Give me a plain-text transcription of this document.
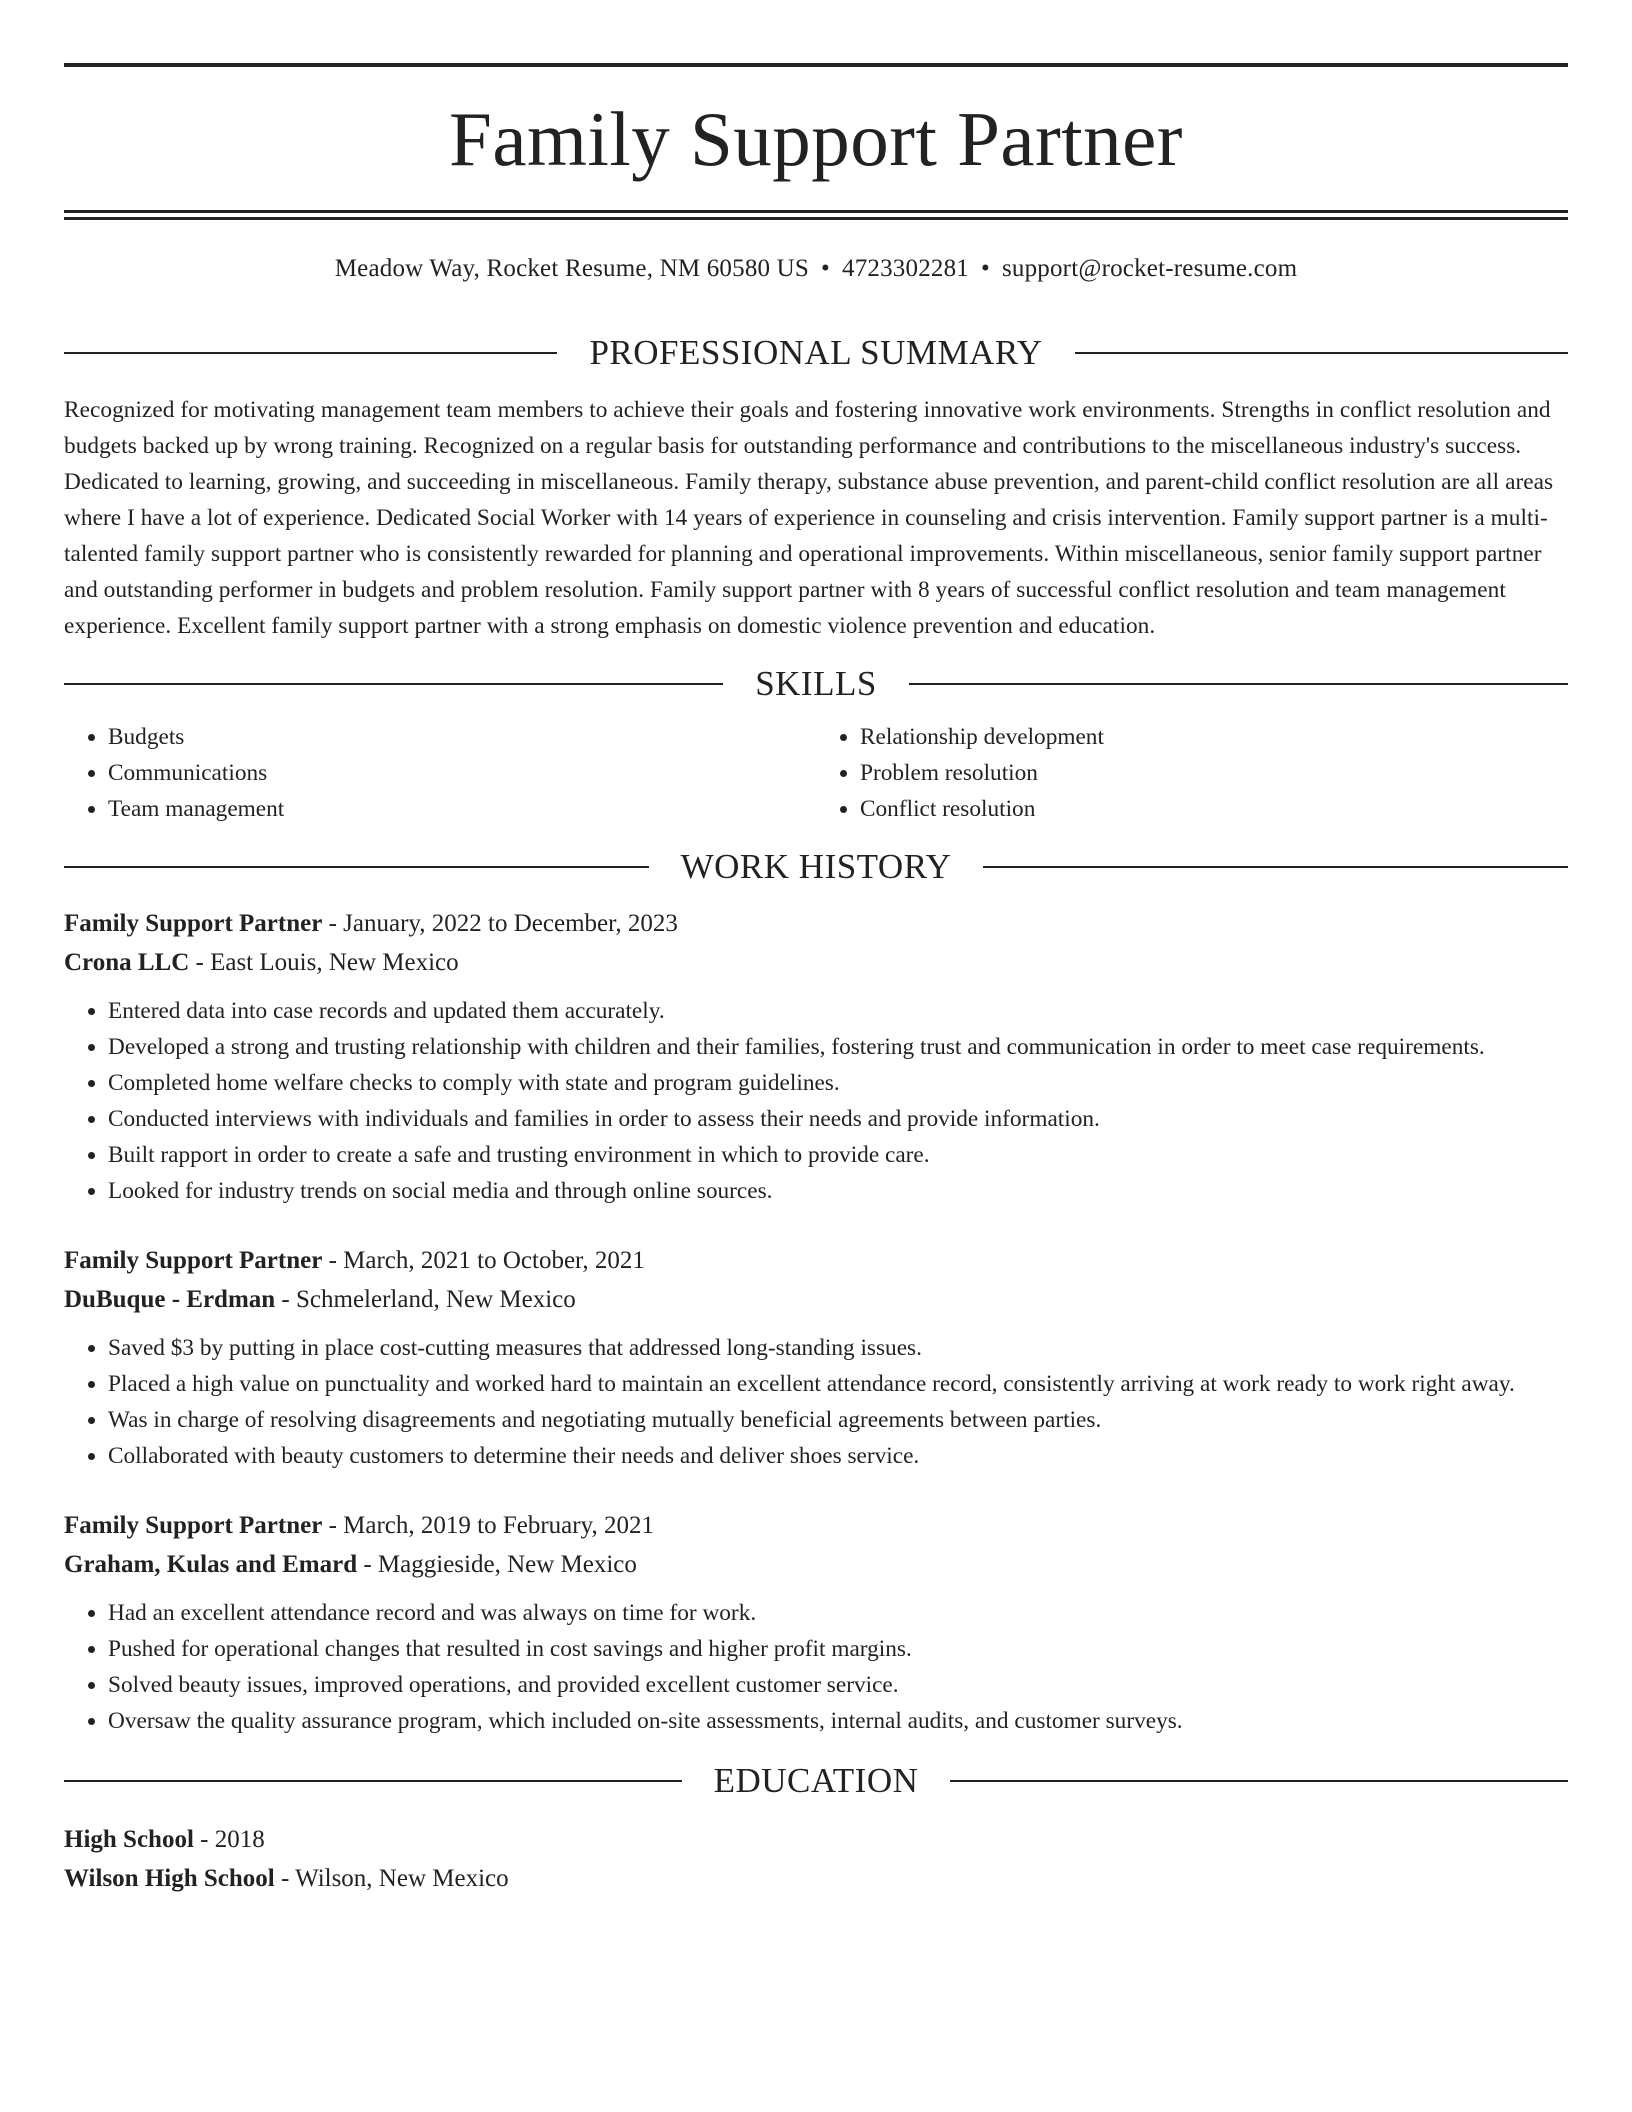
Family Support Partner
Meadow Way, Rocket Resume, NM 60580 US • 4723302281 • support@rocket-resume.com
PROFESSIONAL SUMMARY
Recognized for motivating management team members to achieve their goals and fostering innovative work environments. Strengths in conflict resolution and budgets backed up by wrong training. Recognized on a regular basis for outstanding performance and contributions to the miscellaneous industry's success. Dedicated to learning, growing, and succeeding in miscellaneous. Family therapy, substance abuse prevention, and parent-child conflict resolution are all areas where I have a lot of experience. Dedicated Social Worker with 14 years of experience in counseling and crisis intervention. Family support partner is a multi-talented family support partner who is consistently rewarded for planning and operational improvements. Within miscellaneous, senior family support partner and outstanding performer in budgets and problem resolution. Family support partner with 8 years of successful conflict resolution and team management experience. Excellent family support partner with a strong emphasis on domestic violence prevention and education.
SKILLS
• Budgets
• Communications
• Team management
• Relationship development
• Problem resolution
• Conflict resolution
WORK HISTORY
Family Support Partner - January, 2022 to December, 2023
Crona LLC - East Louis, New Mexico
• Entered data into case records and updated them accurately.
• Developed a strong and trusting relationship with children and their families, fostering trust and communication in order to meet case requirements.
• Completed home welfare checks to comply with state and program guidelines.
• Conducted interviews with individuals and families in order to assess their needs and provide information.
• Built rapport in order to create a safe and trusting environment in which to provide care.
• Looked for industry trends on social media and through online sources.
Family Support Partner - March, 2021 to October, 2021
DuBuque - Erdman - Schmelerland, New Mexico
• Saved $3 by putting in place cost-cutting measures that addressed long-standing issues.
• Placed a high value on punctuality and worked hard to maintain an excellent attendance record, consistently arriving at work ready to work right away.
• Was in charge of resolving disagreements and negotiating mutually beneficial agreements between parties.
• Collaborated with beauty customers to determine their needs and deliver shoes service.
Family Support Partner - March, 2019 to February, 2021
Graham, Kulas and Emard - Maggieside, New Mexico
• Had an excellent attendance record and was always on time for work.
• Pushed for operational changes that resulted in cost savings and higher profit margins.
• Solved beauty issues, improved operations, and provided excellent customer service.
• Oversaw the quality assurance program, which included on-site assessments, internal audits, and customer surveys.
EDUCATION
High School - 2018
Wilson High School - Wilson, New Mexico
